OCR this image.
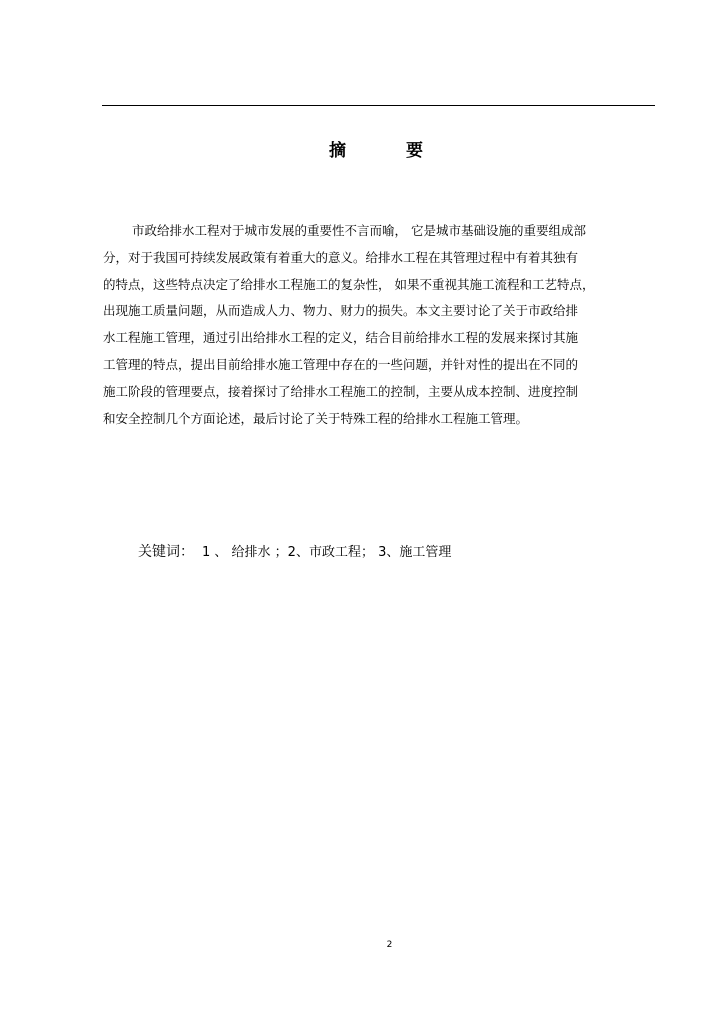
摘	要
市政给排水工程对于城市发展的重要性不言而喻， 它是城市基础设施的重要组成部
分，对于我国可持续发展政策有着重大的意义。给排水工程在其管理过程中有着其独有
的特点，这些特点决定了给排水工程施工的复杂性， 如果不重视其施工流程和工艺特点，
出现施工质量问题，从而造成人力、物力、财力的损失。本文主要讨论了关于市政给排
水工程施工管理，通过引出给排水工程的定义，结合目前给排水工程的发展来探讨其施
工管理的特点，提出目前给排水施工管理中存在的一些问题，并针对性的提出在不同的
施工阶段的管理要点，接着探讨了给排水工程施工的控制，主要从成本控制、进度控制
和安全控制几个方面论述，最后讨论了关于特殊工程的给排水工程施工管理。
关键词： 1 、 给排水 ；2、市政工程； 3、施工管理
2
